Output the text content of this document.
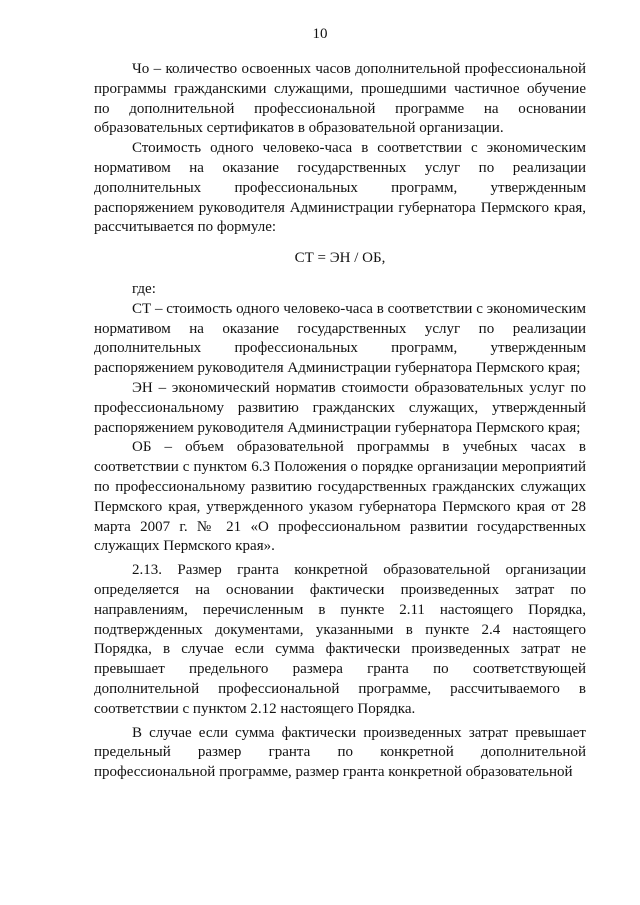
10

Чо – количество освоенных часов дополнительной профессиональной программы гражданскими служащими, прошедшими частичное обучение по дополнительной профессиональной программе на основании образовательных сертификатов в образовательной организации.

Стоимость одного человеко-часа в соответствии с экономическим нормативом на оказание государственных услуг по реализации дополнительных профессиональных программ, утвержденным распоряжением руководителя Администрации губернатора Пермского края, рассчитывается по формуле:

СТ = ЭН / ОБ,

где:

СТ – стоимость одного человеко-часа в соответствии с экономическим нормативом на оказание государственных услуг по реализации дополнительных профессиональных программ, утвержденным распоряжением руководителя Администрации губернатора Пермского края;

ЭН – экономический норматив стоимости образовательных услуг по профессиональному развитию гражданских служащих, утвержденный распоряжением руководителя Администрации губернатора Пермского края;

ОБ – объем образовательной программы в учебных часах в соответствии с пунктом 6.3 Положения о порядке организации мероприятий по профессиональному развитию государственных гражданских служащих Пермского края, утвержденного указом губернатора Пермского края от 28 марта 2007 г. № 21 «О профессиональном развитии государственных служащих Пермского края».

2.13. Размер гранта конкретной образовательной организации определяется на основании фактически произведенных затрат по направлениям, перечисленным в пункте 2.11 настоящего Порядка, подтвержденных документами, указанными в пункте 2.4 настоящего Порядка, в случае если сумма фактически произведенных затрат не превышает предельного размера гранта по соответствующей дополнительной профессиональной программе, рассчитываемого в соответствии с пунктом 2.12 настоящего Порядка.

В случае если сумма фактически произведенных затрат превышает предельный размер гранта по конкретной дополнительной профессиональной программе, размер гранта конкретной образовательной
